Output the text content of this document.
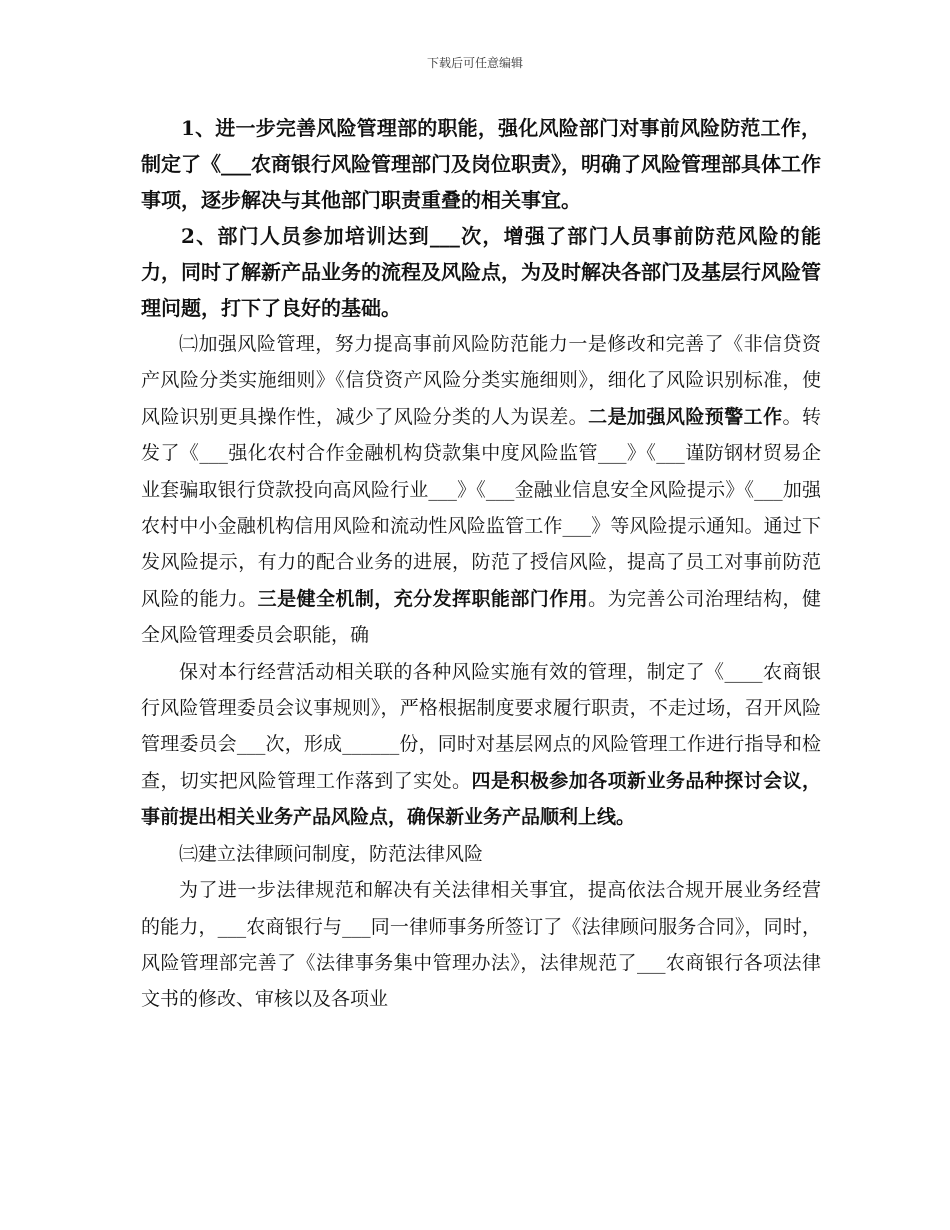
下载后可任意编辑

1、进一步完善风险管理部的职能，强化风险部门对事前风险防范工作，制定了《___农商银行风险管理部门及岗位职责》，明确了风险管理部具体工作事项，逐步解决与其他部门职责重叠的相关事宜。

2、部门人员参加培训达到___次，增强了部门人员事前防范风险的能力，同时了解新产品业务的流程及风险点，为及时解决各部门及基层行风险管理问题，打下了良好的基础。

㈡加强风险管理，努力提高事前风险防范能力一是修改和完善了《非信贷资产风险分类实施细则》《信贷资产风险分类实施细则》，细化了风险识别标准，使风险识别更具操作性，减少了风险分类的人为误差。二是加强风险预警工作。转发了《___强化农村合作金融机构贷款集中度风险监管___》《___谨防钢材贸易企业套骗取银行贷款投向高风险行业___》《___金融业信息安全风险提示》《___加强农村中小金融机构信用风险和流动性风险监管工作___》等风险提示通知。通过下发风险提示，有力的配合业务的进展，防范了授信风险，提高了员工对事前防范风险的能力。三是健全机制，充分发挥职能部门作用。为完善公司治理结构，健全风险管理委员会职能，确

保对本行经营活动相关联的各种风险实施有效的管理，制定了《____农商银行风险管理委员会议事规则》，严格根据制度要求履行职责，不走过场，召开风险管理委员会___次，形成______份，同时对基层网点的风险管理工作进行指导和检查，切实把风险管理工作落到了实处。四是积极参加各项新业务品种探讨会议，事前提出相关业务产品风险点，确保新业务产品顺利上线。

㈢建立法律顾问制度，防范法律风险

为了进一步法律规范和解决有关法律相关事宜，提高依法合规开展业务经营的能力，___农商银行与___同一律师事务所签订了《法律顾问服务合同》，同时，风险管理部完善了《法律事务集中管理办法》，法律规范了___农商银行各项法律文书的修改、审核以及各项业
